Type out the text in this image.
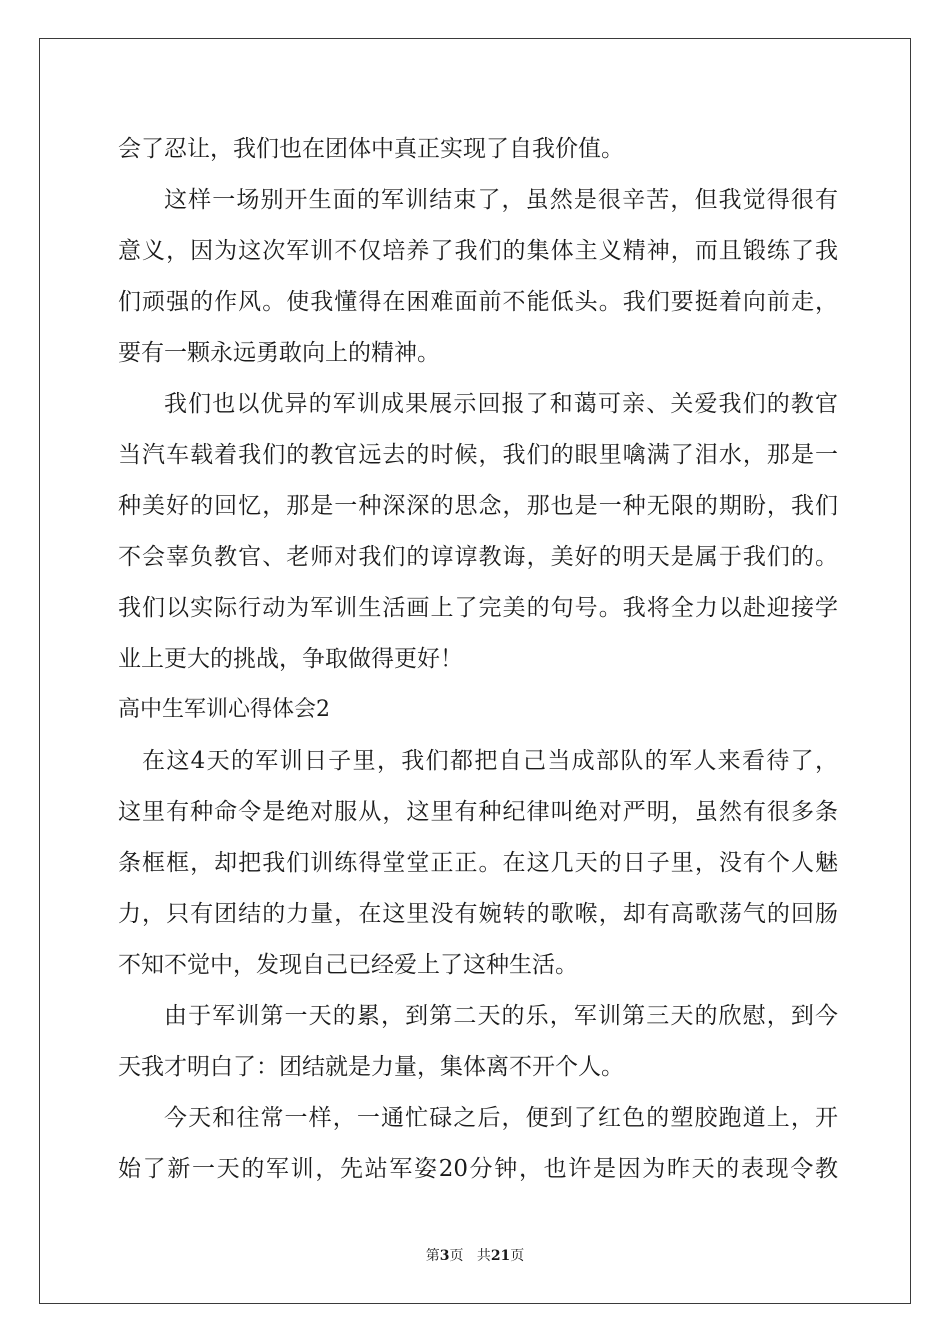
会了忍让，我们也在团体中真正实现了自我价值。
这样一场别开生面的军训结束了，虽然是很辛苦，但我觉得很有
意义，因为这次军训不仅培养了我们的集体主义精神，而且锻练了我
们顽强的作风。使我懂得在困难面前不能低头。我们要挺着向前走，
要有一颗永远勇敢向上的精神。
我们也以优异的军训成果展示回报了和蔼可亲、关爱我们的教官
当汽车载着我们的教官远去的时候，我们的眼里噙满了泪水，那是一
种美好的回忆，那是一种深深的思念，那也是一种无限的期盼，我们
不会辜负教官、老师对我们的谆谆教诲，美好的明天是属于我们的。
我们以实际行动为军训生活画上了完美的句号。我将全力以赴迎接学
业上更大的挑战，争取做得更好！
高中生军训心得体会2
在这4天的军训日子里，我们都把自己当成部队的军人来看待了，
这里有种命令是绝对服从，这里有种纪律叫绝对严明，虽然有很多条
条框框，却把我们训练得堂堂正正。在这几天的日子里，没有个人魅
力，只有团结的力量，在这里没有婉转的歌喉，却有高歌荡气的回肠
不知不觉中，发现自己已经爱上了这种生活。
由于军训第一天的累，到第二天的乐，军训第三天的欣慰，到今
天我才明白了：团结就是力量，集体离不开个人。
今天和往常一样，一通忙碌之后，便到了红色的塑胶跑道上，开
始了新一天的军训，先站军姿20分钟，也许是因为昨天的表现令教
第3页 共21页
